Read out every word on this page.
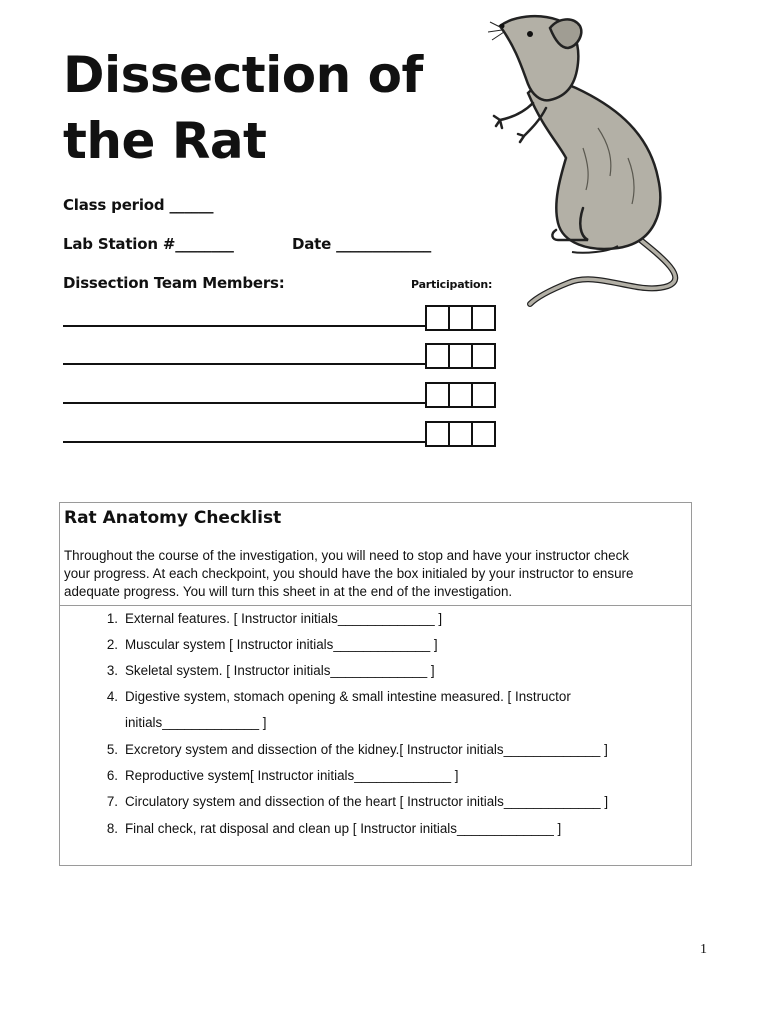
Dissection of
the Rat
Class period ______
Lab Station #________	Date _____________
Dissection Team Members:	Participation:
Rat Anatomy Checklist
Throughout the course of the investigation, you will need to stop and have your instructor check
your progress. At each checkpoint, you should have the box initialed by your instructor to ensure
adequate progress. You will turn this sheet in at the end of the investigation.
1. External features. [ Instructor initials_____________ ]
2. Muscular system [ Instructor initials_____________ ]
3. Skeletal system. [ Instructor initials_____________ ]
4. Digestive system, stomach opening & small intestine measured. [ Instructor initials_____________ ]
5. Excretory system and dissection of the kidney.[ Instructor initials_____________ ]
6. Reproductive system[ Instructor initials_____________ ]
7. Circulatory system and dissection of the heart [ Instructor initials_____________ ]
8. Final check, rat disposal and clean up [ Instructor initials_____________ ]
1
